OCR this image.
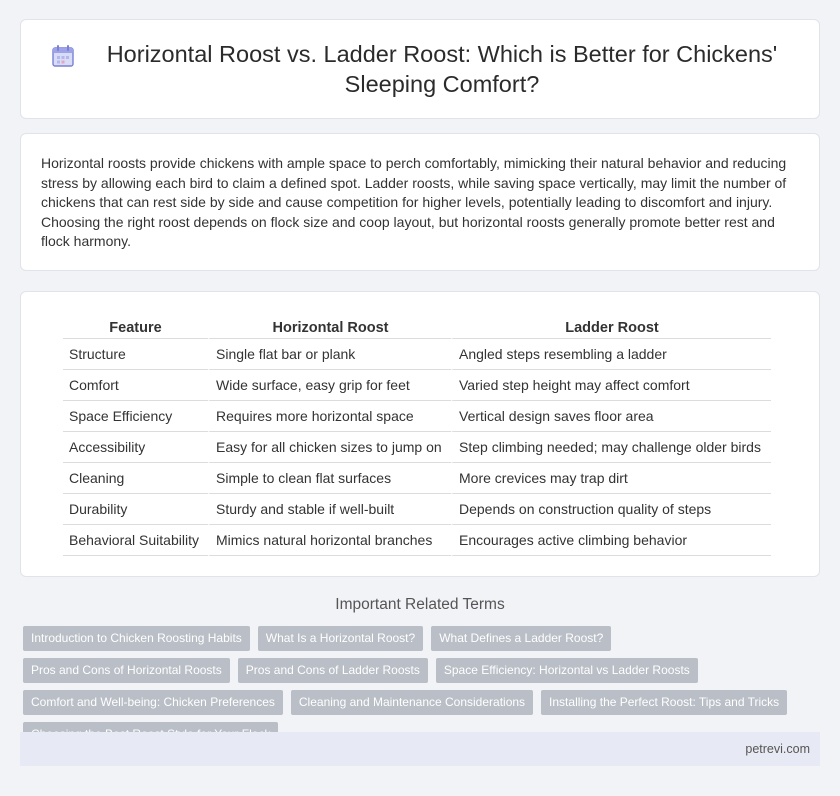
Horizontal Roost vs. Ladder Roost: Which is Better for Chickens' Sleeping Comfort?

Horizontal roosts provide chickens with ample space to perch comfortably, mimicking their natural behavior and reducing stress by allowing each bird to claim a defined spot. Ladder roosts, while saving space vertically, may limit the number of chickens that can rest side by side and cause competition for higher levels, potentially leading to discomfort and injury. Choosing the right roost depends on flock size and coop layout, but horizontal roosts generally promote better rest and flock harmony.

Feature	Horizontal Roost	Ladder Roost
Structure	Single flat bar or plank	Angled steps resembling a ladder
Comfort	Wide surface, easy grip for feet	Varied step height may affect comfort
Space Efficiency	Requires more horizontal space	Vertical design saves floor area
Accessibility	Easy for all chicken sizes to jump on	Step climbing needed; may challenge older birds
Cleaning	Simple to clean flat surfaces	More crevices may trap dirt
Durability	Sturdy and stable if well-built	Depends on construction quality of steps
Behavioral Suitability	Mimics natural horizontal branches	Encourages active climbing behavior
Important Related Terms
Introduction to Chicken Roosting Habits	What Is a Horizontal Roost?	What Defines a Ladder Roost?
Pros and Cons of Horizontal Roosts	Pros and Cons of Ladder Roosts	Space Efficiency: Horizontal vs Ladder Roosts
Comfort and Well-being: Chicken Preferences	Cleaning and Maintenance Considerations	Installing the Perfect Roost: Tips and Tricks
petrevi.com
